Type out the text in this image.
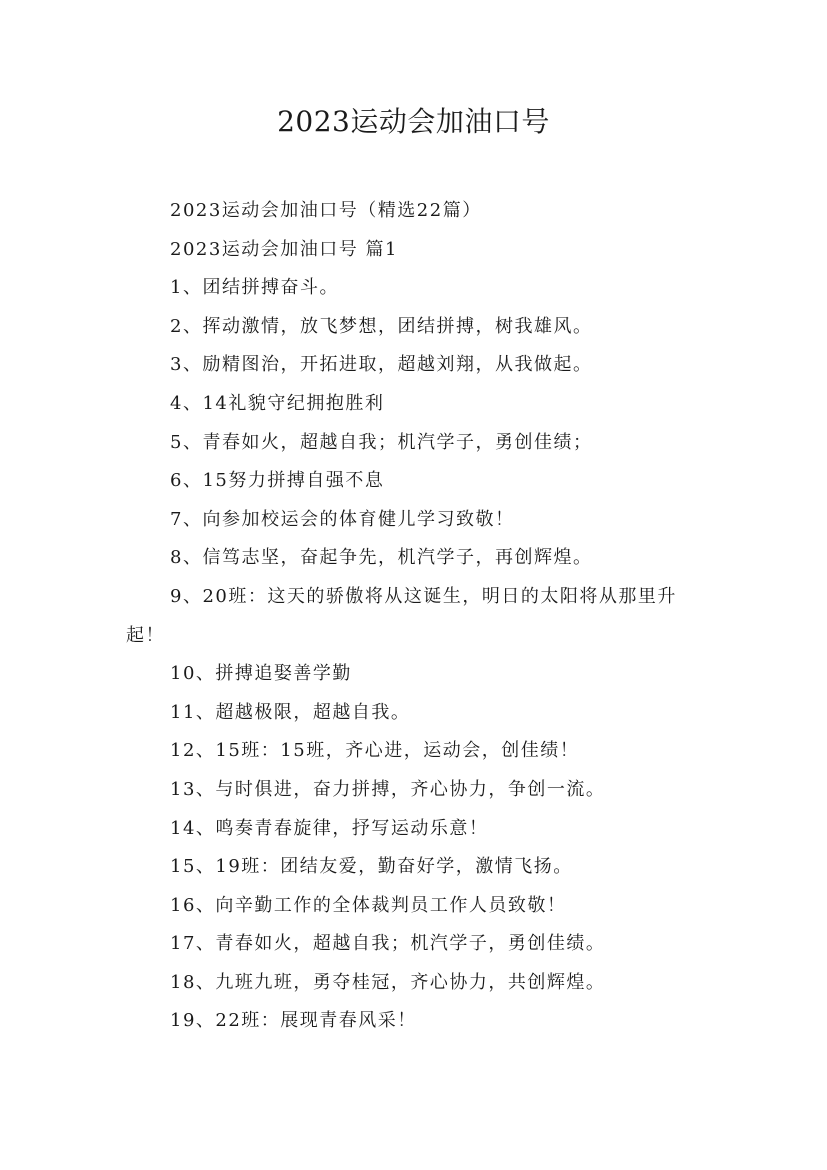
2023运动会加油口号

2023运动会加油口号（精选22篇）

2023运动会加油口号 篇1

1、团结拼搏奋斗。

2、挥动激情，放飞梦想，团结拼搏，树我雄风。

3、励精图治，开拓进取，超越刘翔，从我做起。

4、14礼貌守纪拥抱胜利

5、青春如火，超越自我；机汽学子，勇创佳绩；

6、15努力拼搏自强不息

7、向参加校运会的体育健儿学习致敬！

8、信笃志坚，奋起争先，机汽学子，再创辉煌。

9、20班：这天的骄傲将从这诞生，明日的太阳将从那里升起！

10、拼搏追娶善学勤

11、超越极限，超越自我。

12、15班：15班，齐心进，运动会，创佳绩！

13、与时俱进，奋力拼搏，齐心协力，争创一流。

14、鸣奏青春旋律，抒写运动乐意！

15、19班：团结友爱，勤奋好学，激情飞扬。

16、向辛勤工作的全体裁判员工作人员致敬！

17、青春如火，超越自我；机汽学子，勇创佳绩。

18、九班九班，勇夺桂冠，齐心协力，共创辉煌。

19、22班：展现青春风采！
